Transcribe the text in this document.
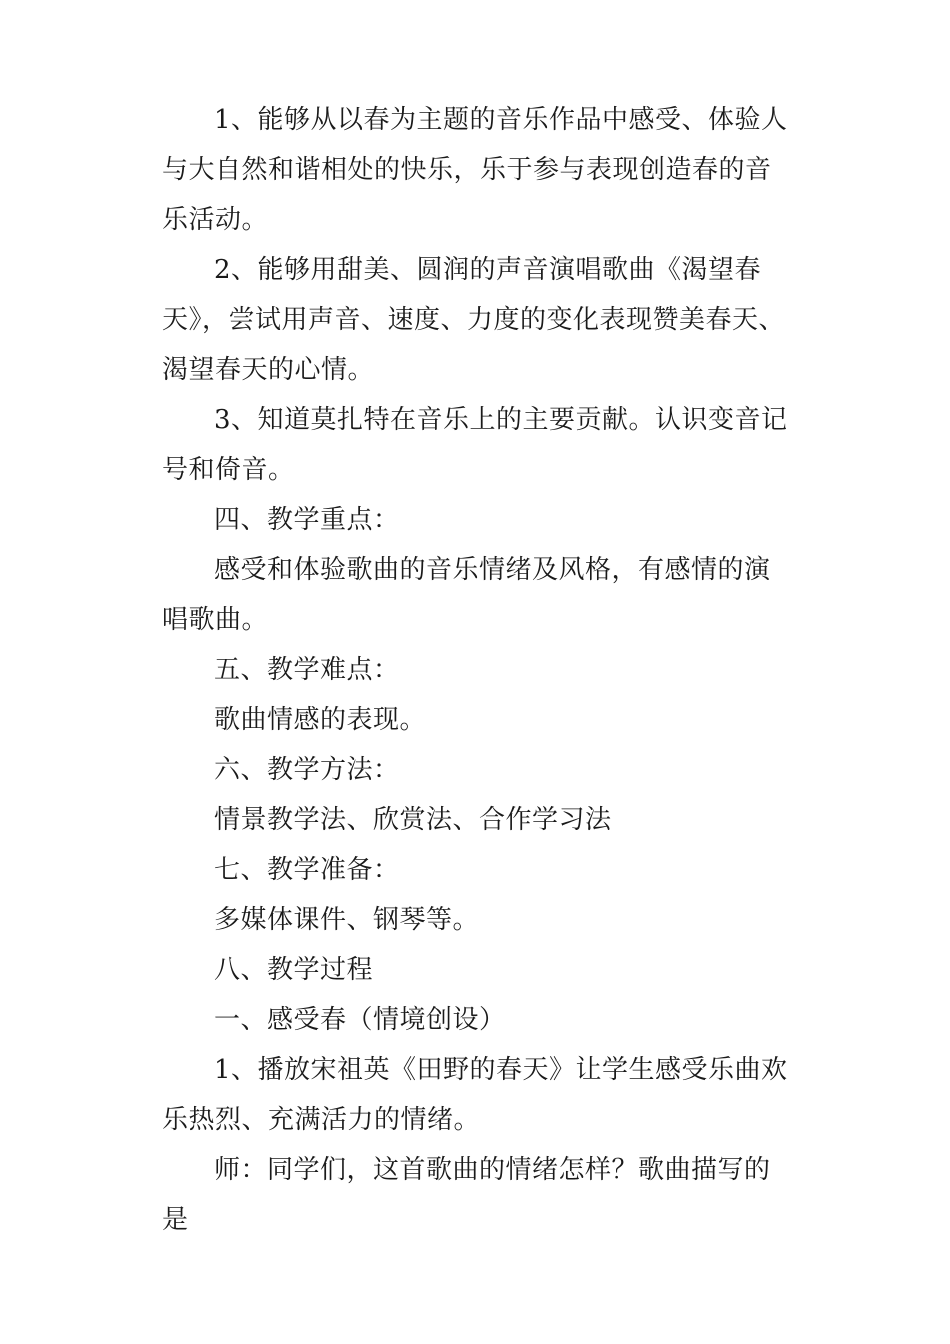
1、能够从以春为主题的音乐作品中感受、体验人与大自然和谐相处的快乐，乐于参与表现创造春的音乐活动。

2、能够用甜美、圆润的声音演唱歌曲《渴望春天》，尝试用声音、速度、力度的变化表现赞美春天、渴望春天的心情。

3、知道莫扎特在音乐上的主要贡献。认识变音记号和倚音。

四、教学重点：

感受和体验歌曲的音乐情绪及风格，有感情的演唱歌曲。

五、教学难点：

歌曲情感的表现。

六、教学方法：

情景教学法、欣赏法、合作学习法

七、教学准备：

多媒体课件、钢琴等。

八、教学过程

一、感受春（情境创设）

1、播放宋祖英《田野的春天》让学生感受乐曲欢乐热烈、充满活力的情绪。

师：同学们，这首歌曲的情绪怎样？歌曲描写的是
